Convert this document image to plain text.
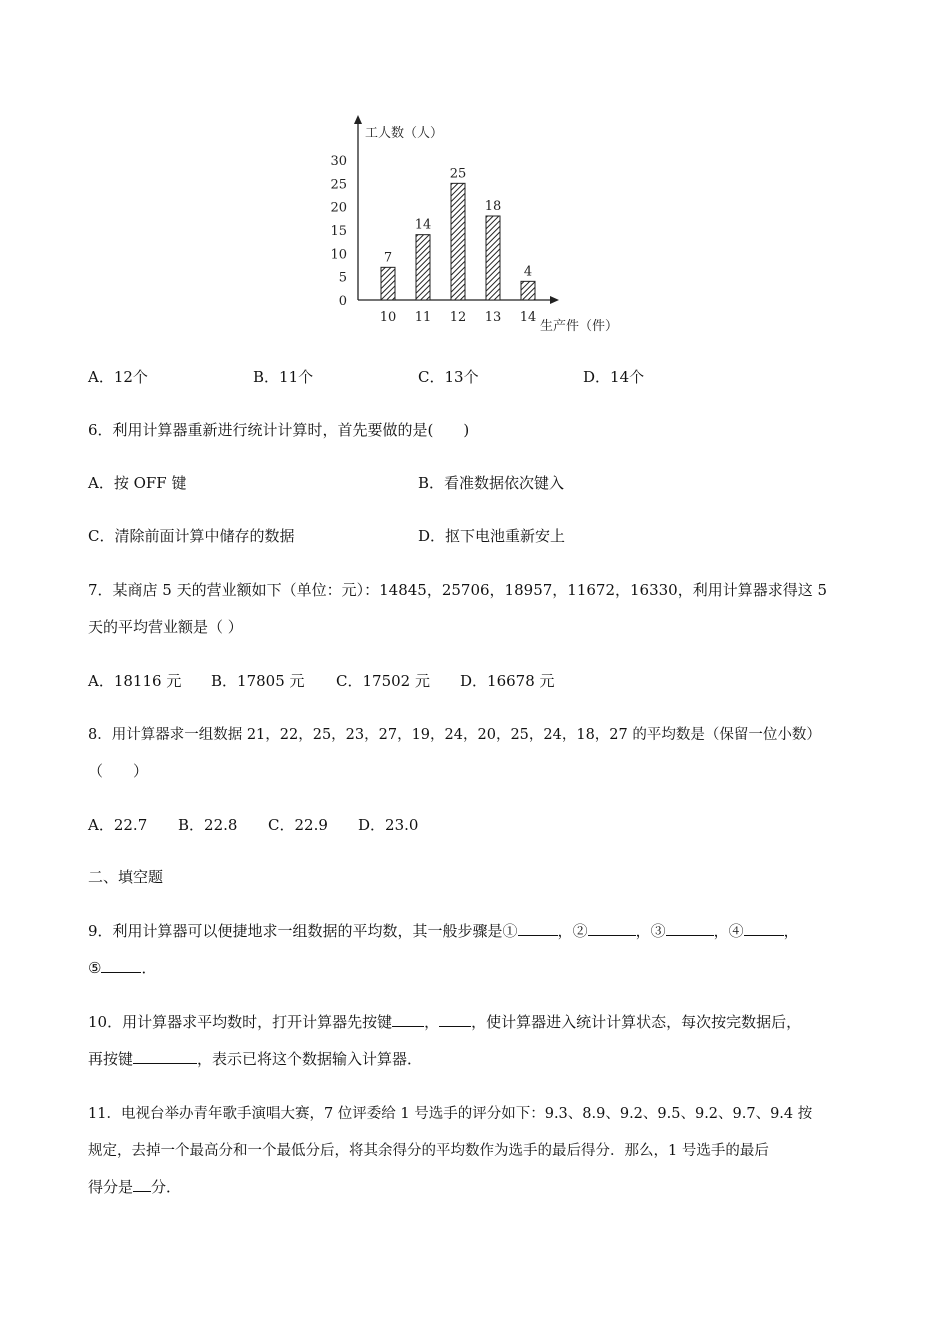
工人数（人）
生产件（件）
30
25
20
15
10
5
0
7
14
25
18
4
10 11 12 13 14
A．12个	B．11个	C．13个	D．14个
6．利用计算器重新进行统计计算时，首先要做的是(　　)
A．按 OFF 键	B．看准数据依次键入
C．清除前面计算中储存的数据	D．抠下电池重新安上
7．某商店 5 天的营业额如下（单位：元）：14845，25706，18957，11672，16330，利用计算器求得这 5
天的平均营业额是（ ）
A．18116 元 B．17805 元 C．17502 元 D．16678 元
8．用计算器求一组数据 21，22，25，23，27，19，24，20，25，24，18，27 的平均数是（保留一位小数）
（　　）
A．22.7 B．22.8 C．22.9 D．23.0
二、填空题
9．利用计算器可以便捷地求一组数据的平均数，其一般步骤是①	，②	，③	，④	，
⑤	．
10．用计算器求平均数时，打开计算器先按键 ， ，使计算器进入统计计算状态，每次按完数据后，
再按键	，表示已将这个数据输入计算器．
11．电视台举办青年歌手演唱大赛，7 位评委给 1 号选手的评分如下：9.3、8.9、9.2、9.5、9.2、9.7、9.4 按
规定，去掉一个最高分和一个最低分后，将其余得分的平均数作为选手的最后得分．那么，1 号选手的最后
得分是 分．
